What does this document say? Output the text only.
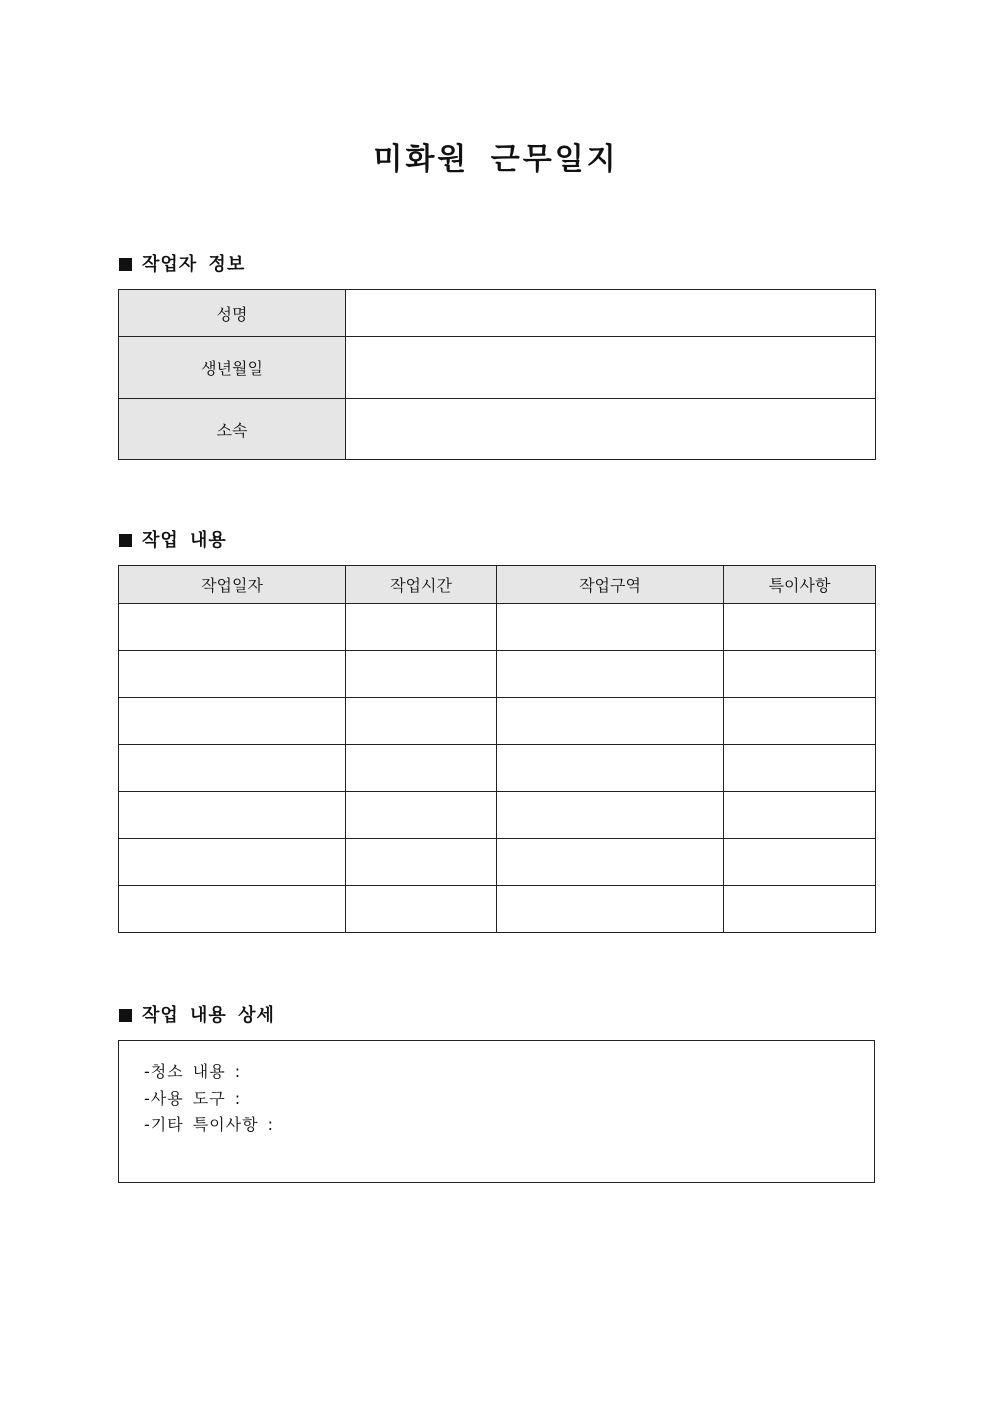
미화원 근무일지
작업자 정보
성명	
생년월일	
소속	
작업 내용
작업일자	작업시간	작업구역	특이사항

작업 내용 상세
-청소 내용 :
-사용 도구 :
-기타 특이사항 :
